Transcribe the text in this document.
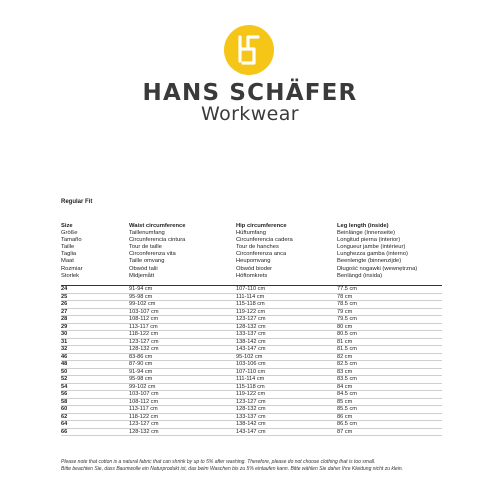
HANS SCHÄFER
Workwear
Regular Fit
Size	Waist circumference	Hip circumference	Leg length (inside)
Größe	Taillenumfang	Hüftumfang	Beinlänge (Innenseite)
Tamaño	Circunferencia cintura	Circunferencia cadera	Longitud pierna (interior)
Taille	Tour de taille	Tour de hanches	Longueur jambe (intérieur)
Taglia	Circonferenza vita	Circonferenza anca	Lunghezza gamba (interno)
Maat	Taille omvang	Heupomvang	Beenlengte (binnenzijde)
Rozmiar	Obwód talii	Obwód bioder	Długość nogawki (wewnętrzna)
Storlek	Midjemått	Höftomkrets	Benlängd (insida)
24	91-94 cm	107-110 cm	77.5 cm
25	95-98 cm	111-114 cm	78 cm
26	99-102 cm	115-118 cm	78.5 cm
27	103-107 cm	119-122 cm	79 cm
28	108-112 cm	123-127 cm	79.5 cm
29	113-117 cm	128-132 cm	80 cm
30	118-122 cm	133-137 cm	80.5 cm
31	123-127 cm	138-142 cm	81 cm
32	128-132 cm	143-147 cm	81.5 cm
46	83-86 cm	95-102 cm	82 cm
48	87-90 cm	103-106 cm	82.5 cm
50	91-94 cm	107-110 cm	83 cm
52	95-98 cm	111-114 cm	83.5 cm
54	99-102 cm	115-118 cm	84 cm
56	103-107 cm	119-122 cm	84.5 cm
58	108-112 cm	123-127 cm	85 cm
60	113-117 cm	128-132 cm	85.5 cm
62	118-122 cm	133-137 cm	86 cm
64	123-127 cm	138-142 cm	86.5 cm
66	128-132 cm	143-147 cm	87 cm
Please note that cotton is a natural fabric that can shrink by up to 5% after washing. Therefore, please do not choose clothing that is too small.
Bitte beachten Sie, dass Baumwolle ein Naturprodukt ist, das beim Waschen bis zu 5% einlaufen kann. Bitte wählen Sie daher Ihre Kleidung nicht zu klein.
